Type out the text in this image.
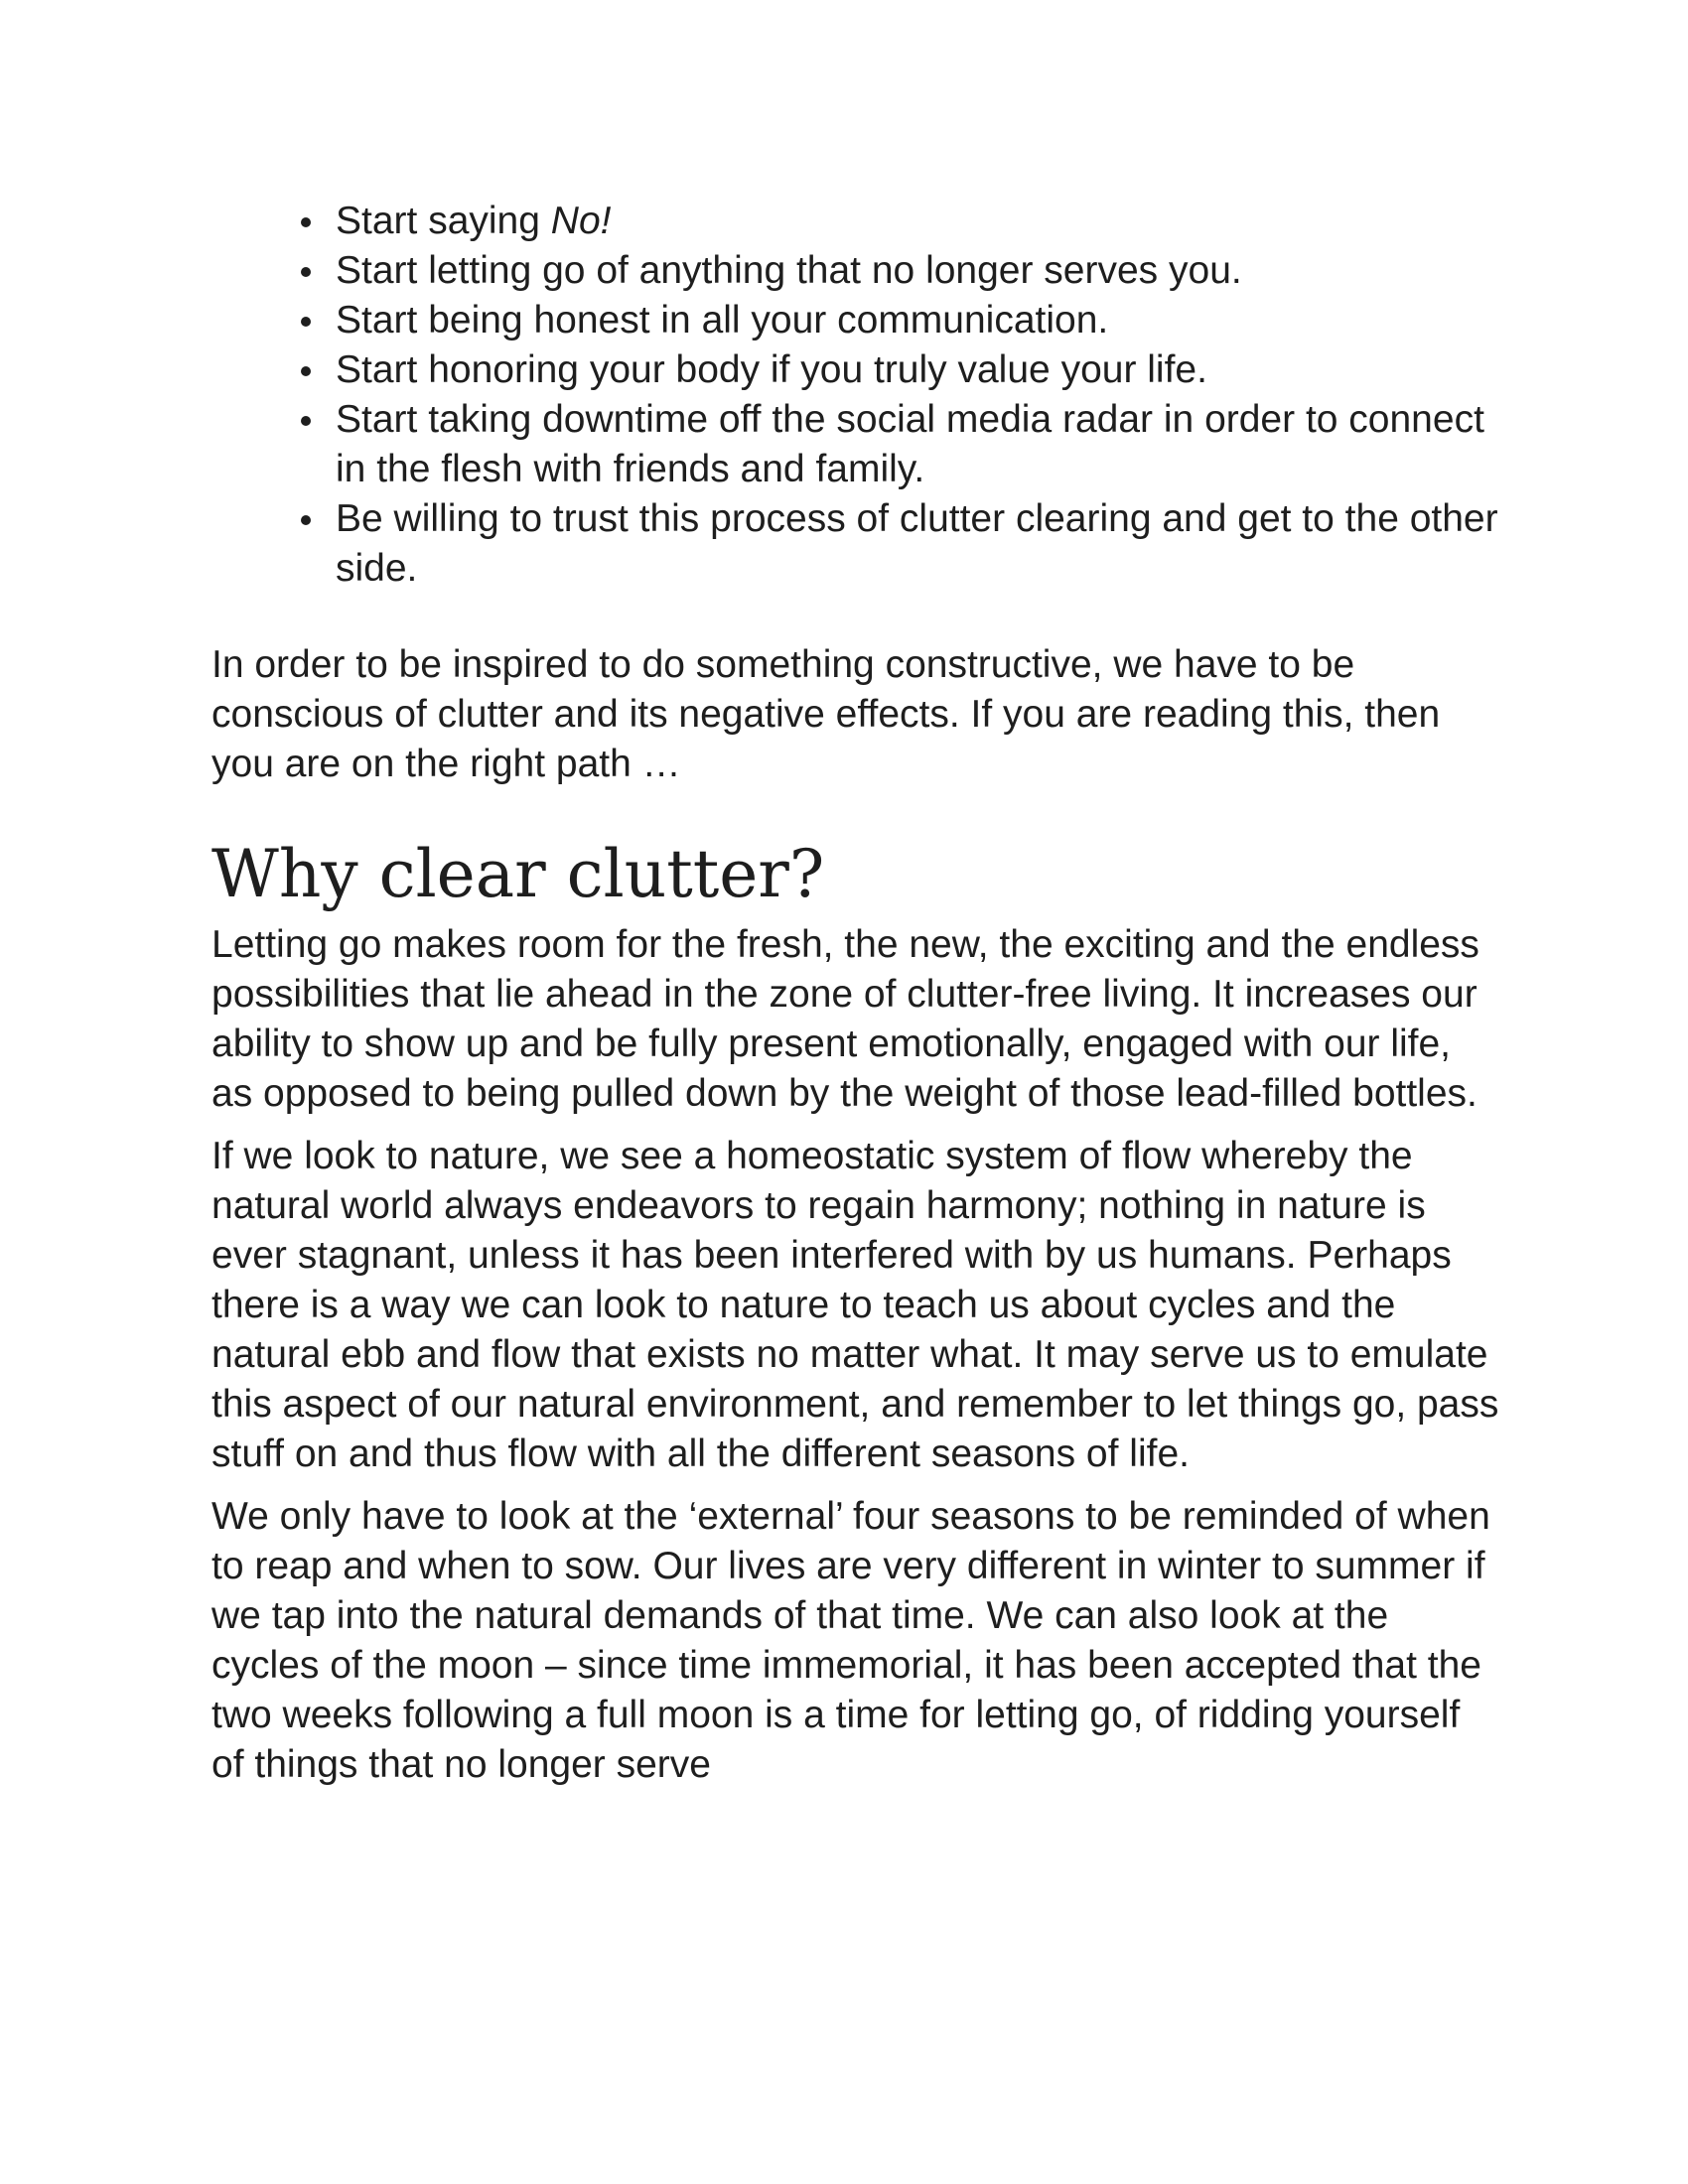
Start saying No!
Start letting go of anything that no longer serves you.
Start being honest in all your communication.
Start honoring your body if you truly value your life.
Start taking downtime off the social media radar in order to connect in the flesh with friends and family.
Be willing to trust this process of clutter clearing and get to the other side.

In order to be inspired to do something constructive, we have to be conscious of clutter and its negative effects. If you are reading this, then you are on the right path …

Why clear clutter?

Letting go makes room for the fresh, the new, the exciting and the endless possibilities that lie ahead in the zone of clutter-free living. It increases our ability to show up and be fully present emotionally, engaged with our life, as opposed to being pulled down by the weight of those lead-filled bottles.

If we look to nature, we see a homeostatic system of flow whereby the natural world always endeavors to regain harmony; nothing in nature is ever stagnant, unless it has been interfered with by us humans. Perhaps there is a way we can look to nature to teach us about cycles and the natural ebb and flow that exists no matter what. It may serve us to emulate this aspect of our natural environment, and remember to let things go, pass stuff on and thus flow with all the different seasons of life.

We only have to look at the ‘external’ four seasons to be reminded of when to reap and when to sow. Our lives are very different in winter to summer if we tap into the natural demands of that time. We can also look at the cycles of the moon – since time immemorial, it has been accepted that the two weeks following a full moon is a time for letting go, of ridding yourself of things that no longer serve
